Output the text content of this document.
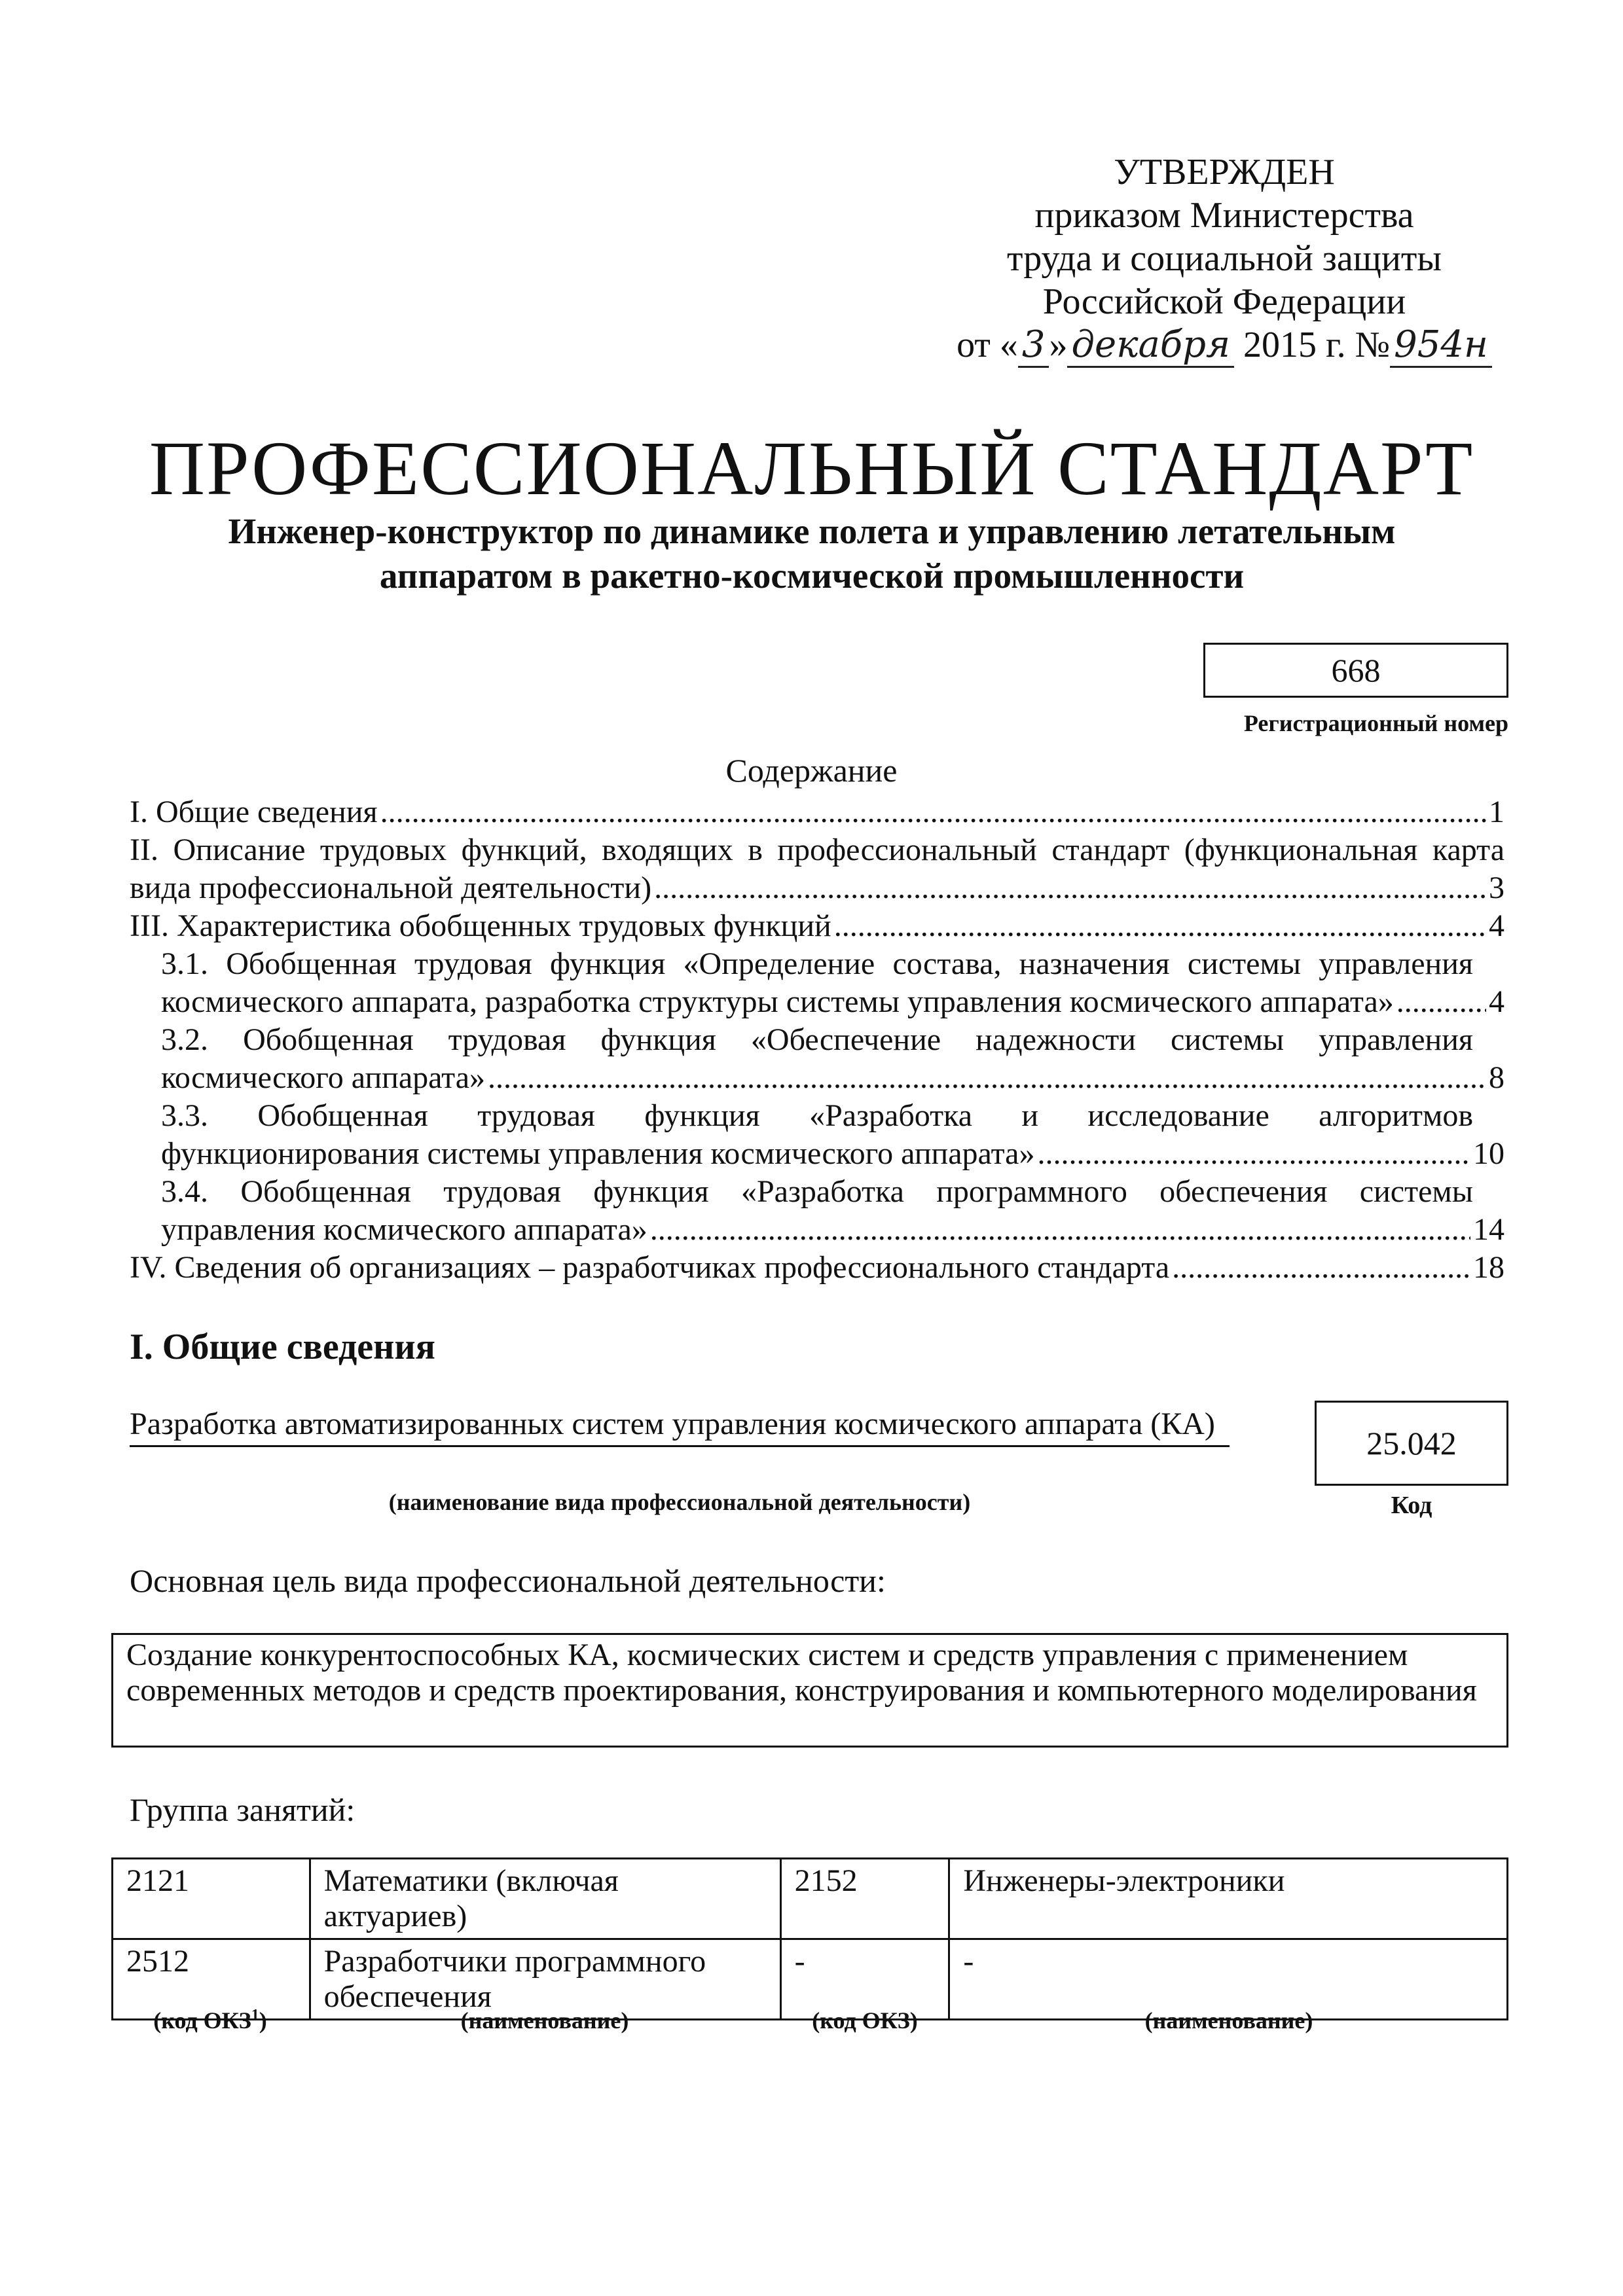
УТВЕРЖДЕН
приказом Министерства
труда и социальной защиты
Российской Федерации
от « 3 » декабря 2015 г. № 954н
ПРОФЕССИОНАЛЬНЫЙ СТАНДАРТ
Инженер-конструктор по динамике полета и управлению летательным
аппаратом в ракетно-космической промышленности
668
Регистрационный номер
Содержание
I. Общие сведения .....	1
II. Описание трудовых функций, входящих в профессиональный стандарт (функциональная карта
вида профессиональной деятельности) .....	3
III. Характеристика обобщенных трудовых функций .....	4
3.1. Обобщенная трудовая функция «Определение состава, назначения системы управления
космического аппарата, разработка структуры системы управления космического аппарата» .....	4
3.2. Обобщенная трудовая функция «Обеспечение надежности системы управления
космического аппарата» .....	8
3.3. Обобщенная трудовая функция «Разработка и исследование алгоритмов
функционирования системы управления космического аппарата» .....	10
3.4. Обобщенная трудовая функция «Разработка программного обеспечения системы
управления космического аппарата» .....	14
IV. Сведения об организациях – разработчиках профессионального стандарта .....	18
I. Общие сведения
Разработка автоматизированных систем управления космического аппарата (КА)
(наименование вида профессиональной деятельности)
25.042
Код
Основная цель вида профессиональной деятельности:
Создание конкурентоспособных КА, космических систем и средств управления с применением современных методов и средств проектирования, конструирования и компьютерного моделирования
Группа занятий:
2121	Математики (включая актуариев)	2152	Инженеры-электроники
2512	Разработчики программного обеспечения	-	-
(код ОКЗ$^1$)	(наименование)	(код ОКЗ)	(наименование)
